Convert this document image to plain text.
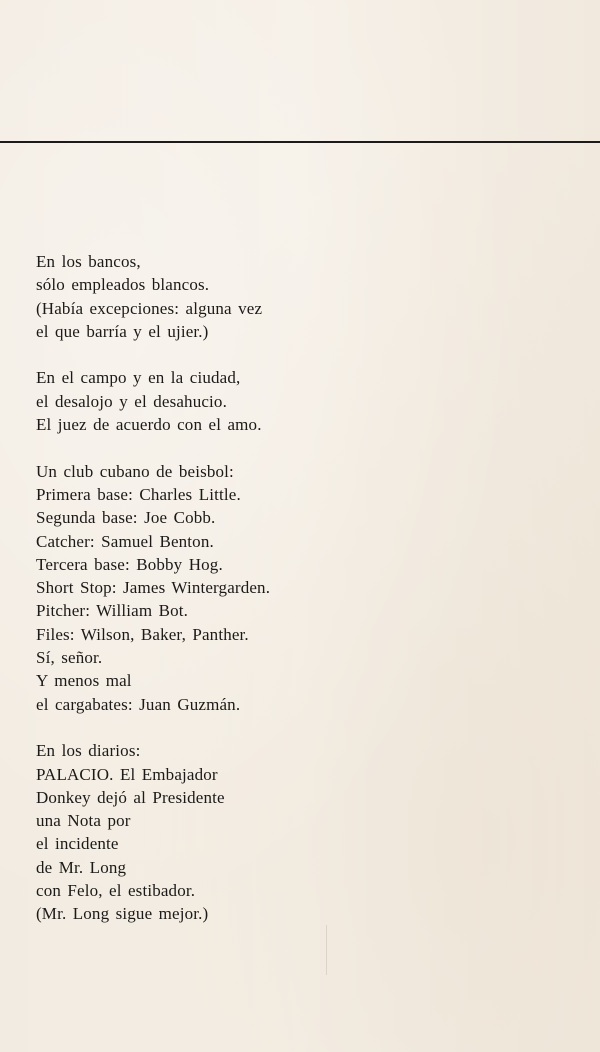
En los bancos,
sólo empleados blancos.
(Había excepciones: alguna vez
el que barría y el ujier.)
En el campo y en la ciudad,
el desalojo y el desahucio.
El juez de acuerdo con el amo.
Un club cubano de beisbol:
Primera base: Charles Little.
Segunda base: Joe Cobb.
Catcher: Samuel Benton.
Tercera base: Bobby Hog.
Short Stop: James Wintergarden.
Pitcher: William Bot.
Files: Wilson, Baker, Panther.
Sí, señor.
Y menos mal
el cargabates: Juan Guzmán.
En los diarios:
PALACIO. El Embajador
Donkey dejó al Presidente
una Nota por
el incidente
de Mr. Long
con Felo, el estibador.
(Mr. Long sigue mejor.)
